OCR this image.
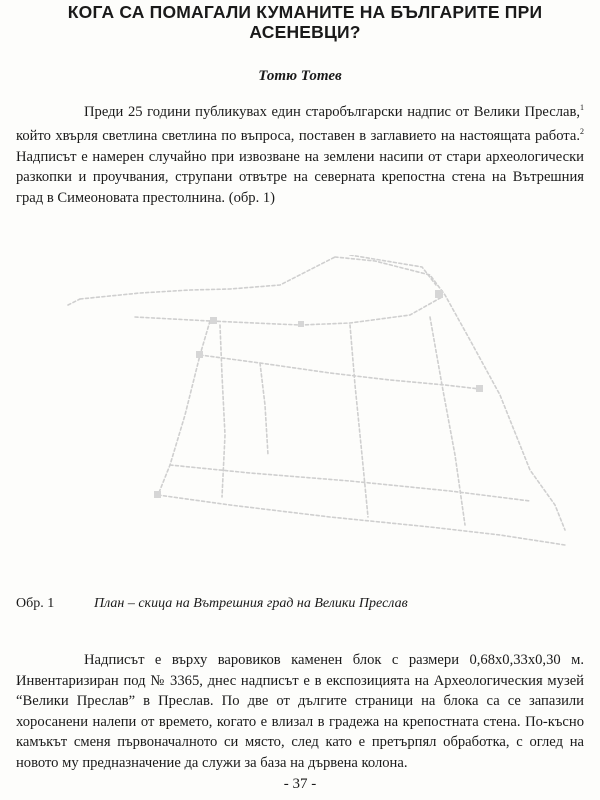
КОГА СА ПОМАГАЛИ КУМАНИТЕ НА БЪЛГАРИТЕ ПРИ АСЕНЕВЦИ?

Тотю Тотев

Преди 25 години публикувах един старобългарски надпис от Велики Преслав,$^1$ който хвърля светлина светлина по въпроса, поставен в заглавието на настоящата работа.$^2$ Надписът е намерен случайно при извозване на землени насипи от стари археологически разкопки и проучвания, струпани отвътре на северната крепостна стена на Вътрешния град в Симеоновата престолнина. (обр. 1)

Обр. 1	План – скица на Вътрешния град на Велики Преслав

Надписът е върху варовиков каменен блок с размери 0,68х0,33х0,30 м. Инвентаризиран под № 3365, днес надписът е в експозицията на Археологическия музей “Велики Преслав” в Преслав. По две от дългите страници на блока са се запазили хоросанени налепи от времето, когато е влизал в градежа на крепостната стена. По-късно камъкът сменя първоначалното си място, след като е претърпял обработка, с оглед на новото му предназначение да служи за база на дървена колона.

- 37 -
